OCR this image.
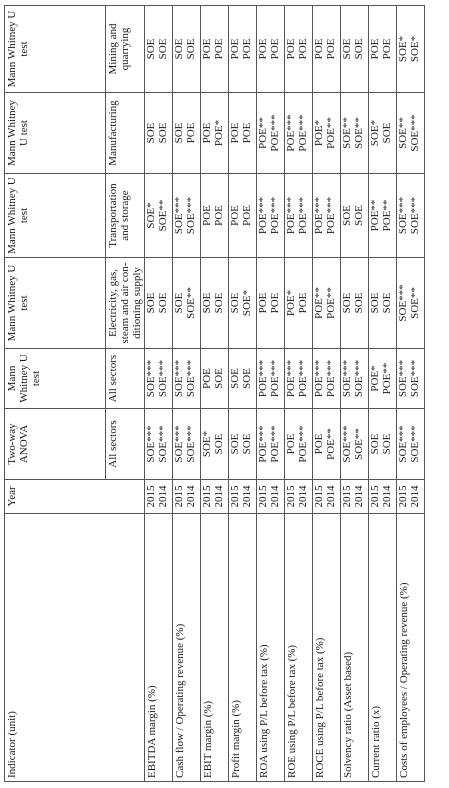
Indicator (unit)	Year	Two-way ANOVA	Mann Whitney U test	Mann Whitney U test	Mann Whitney U test	Mann Whitney U test	Mann Whitney U test
		All sectors	All sectors	Electricity, gas, steam and air con-ditioning supply	Transportation and storage	Manufacturing	Mining and quarrying
EBITDA margin (%)	2015 2014	SOE*** SOE***	SOE*** SOE***	SOE SOE	SOE* SOE**	SOE SOE	SOE SOE

Cash flow / Operating revenue (%)	2015 2014	SOE*** SOE***	SOE*** SOE***	SOE SOE**	SOE*** SOE***	SOE POE	SOE SOE

EBIT margin (%)	2015 2014	SOE* SOE	POE SOE	SOE SOE	POE POE	POE POE*	POE POE

Profit margin (%)	2015 2014	SOE SOE	SOE SOE	SOE SOE*	POE POE	POE POE	POE POE

ROA using P/L before tax (%)	2015 2014	POE*** POE***	POE*** POE***	POE POE	POE*** POE***	POE** POE***	POE POE

ROE using P/L before tax (%)	2015 2014	POE POE***	POE*** POE***	POE* POE	POE*** POE***	POE*** POE***	POE POE

ROCE using P/L before tax (%)	2015 2014	POE POE**	POE*** POE***	POE** POE**	POE*** POE***	POE* POE**	POE POE

Solvency ratio (Asset based)	2015 2014	SOE*** SOE**	SOE*** SOE***	SOE SOE	SOE SOE	SOE** SOE**	SOE SOE

Current ratio (x)	2015 2014	SOE SOE	POE* POE**	SOE SOE	POE** POE**	SOE* SOE	POE POE

Costs of employees / Operating revenue (%)	2015 2014	SOE*** SOE***	SOE*** SOE***	SOE*** SOE**	SOE*** SOE***	SOE** SOE***	SOE* SOE*
